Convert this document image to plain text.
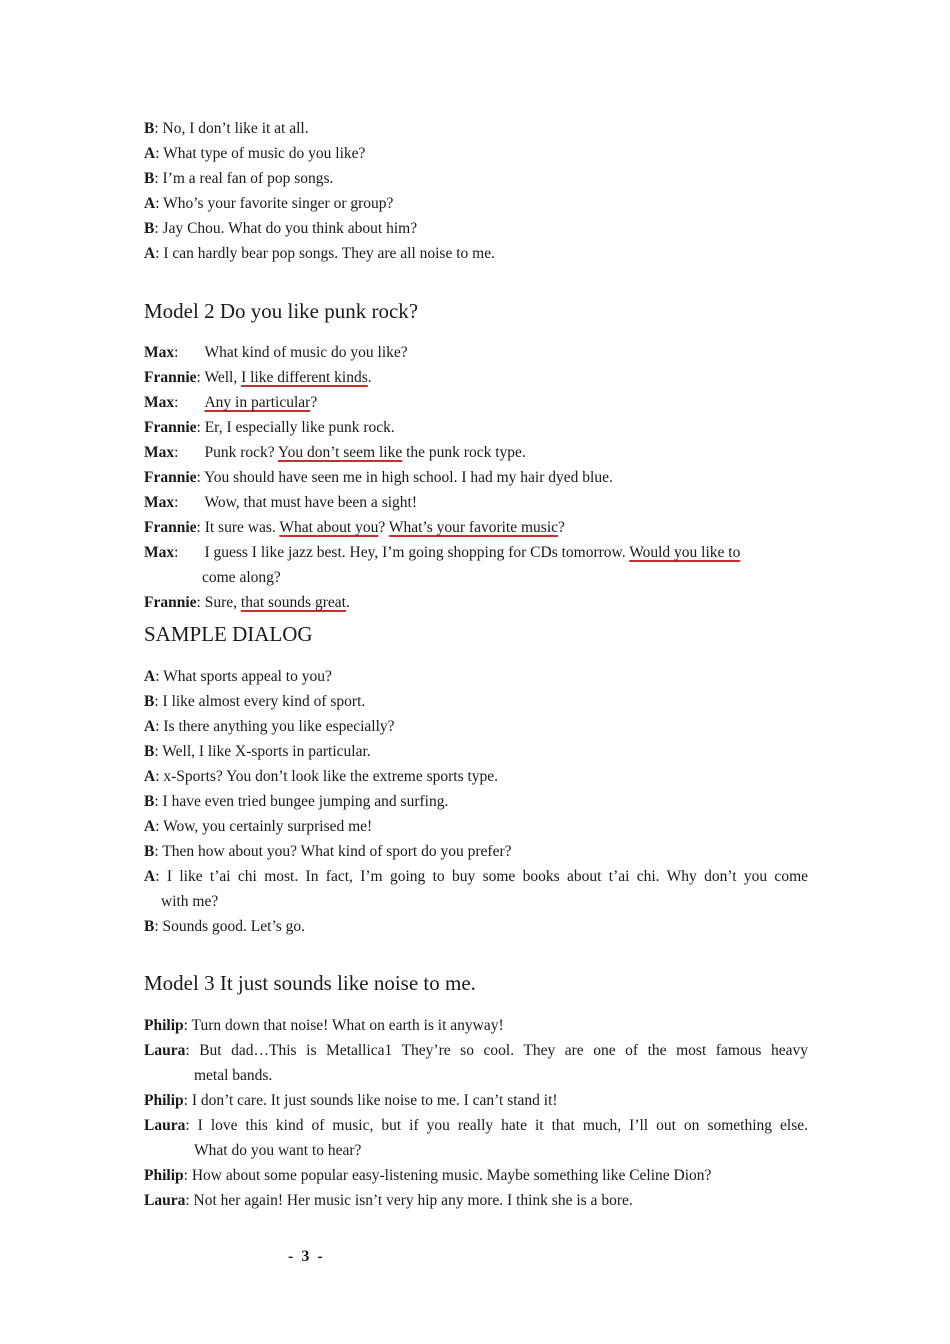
B: No, I don’t like it at all.
A: What type of music do you like?
B: I’m a real fan of pop songs.
A: Who’s your favorite singer or group?
B: Jay Chou. What do you think about him?
A: I can hardly bear pop songs. They are all noise to me.
Model 2 Do you like punk rock?
Max: What kind of music do you like?
Frannie: Well, I like different kinds.
Max: Any in particular?
Frannie: Er, I especially like punk rock.
Max: Punk rock? You don’t seem like the punk rock type.
Frannie: You should have seen me in high school. I had my hair dyed blue.
Max: Wow, that must have been a sight!
Frannie: It sure was. What about you? What’s your favorite music?
Max: I guess I like jazz best. Hey, I’m going shopping for CDs tomorrow. Would you like to
come along?
Frannie: Sure, that sounds great.
SAMPLE DIALOG
A: What sports appeal to you?
B: I like almost every kind of sport.
A: Is there anything you like especially?
B: Well, I like X-sports in particular.
A: x-Sports? You don’t look like the extreme sports type.
B: I have even tried bungee jumping and surfing.
A: Wow, you certainly surprised me!
B: Then how about you? What kind of sport do you prefer?
A: I like t’ai chi most. In fact, I’m going to buy some books about t’ai chi. Why don’t you come
with me?
B: Sounds good. Let’s go.
Model 3 It just sounds like noise to me.
Philip: Turn down that noise! What on earth is it anyway!
Laura: But dad…This is Metallica1 They’re so cool. They are one of the most famous heavy
metal bands.
Philip: I don’t care. It just sounds like noise to me. I can’t stand it!
Laura: I love this kind of music, but if you really hate it that much, I’ll out on something else.
What do you want to hear?
Philip: How about some popular easy-listening music. Maybe something like Celine Dion?
Laura: Not her again! Her music isn’t very hip any more. I think she is a bore.
- 3 -
